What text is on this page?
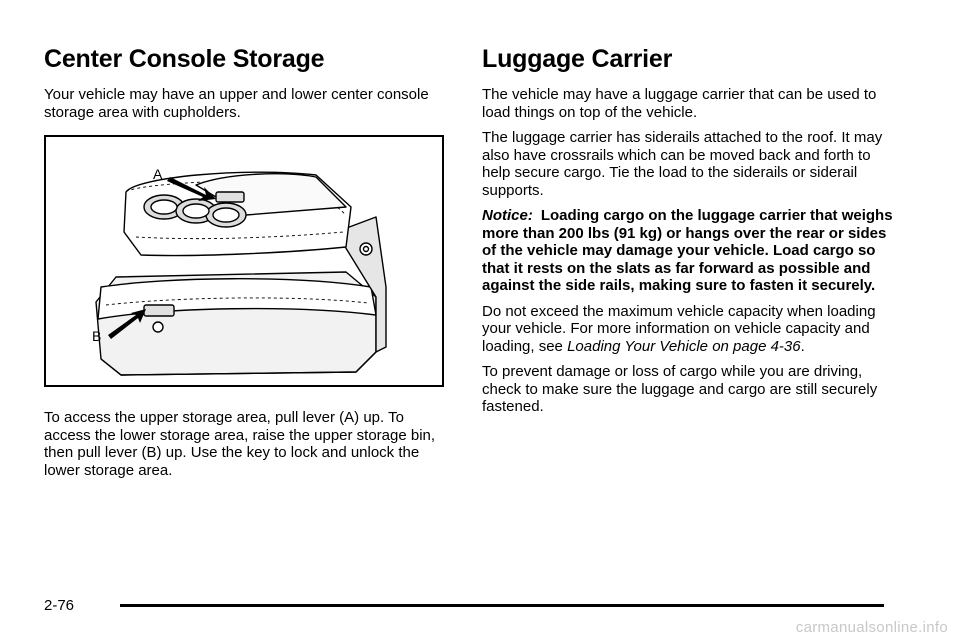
Center Console Storage

Your vehicle may have an upper and lower center console storage area with cupholders.

A
B

To access the upper storage area, pull lever (A) up. To access the lower storage area, raise the upper storage bin, then pull lever (B) up. Use the key to lock and unlock the lower storage area.

Luggage Carrier

The vehicle may have a luggage carrier that can be used to load things on top of the vehicle.

The luggage carrier has siderails attached to the roof. It may also have crossrails which can be moved back and forth to help secure cargo. Tie the load to the siderails or siderail supports.

Notice: Loading cargo on the luggage carrier that weighs more than 200 lbs (91 kg) or hangs over the rear or sides of the vehicle may damage your vehicle. Load cargo so that it rests on the slats as far forward as possible and against the side rails, making sure to fasten it securely.

Do not exceed the maximum vehicle capacity when loading your vehicle. For more information on vehicle capacity and loading, see Loading Your Vehicle on page 4-36.

To prevent damage or loss of cargo while you are driving, check to make sure the luggage and cargo are still securely fastened.

2-76
carmanualsonline.info
